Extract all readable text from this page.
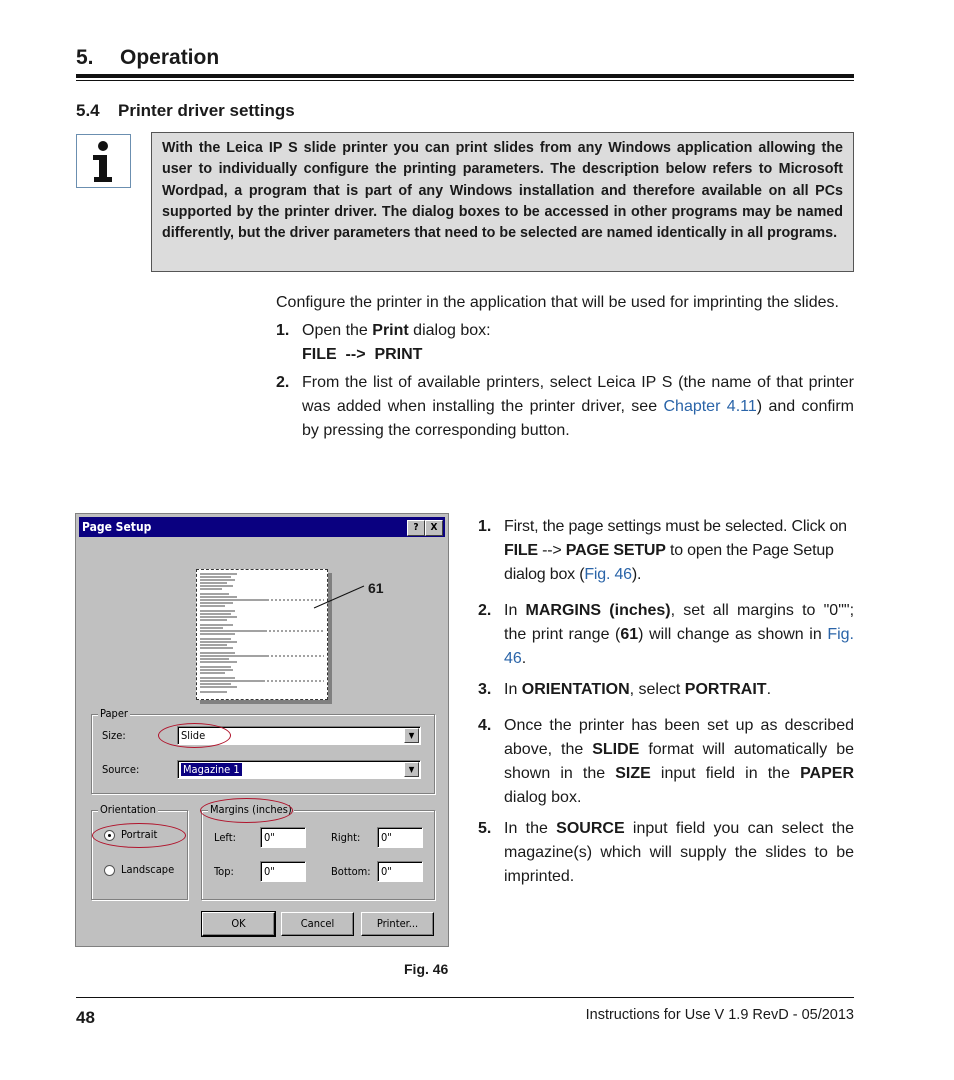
5. Operation
5.4 Printer driver settings
With the Leica IP S slide printer you can print slides from any Windows application allowing the user to individually configure the printing parameters. The description below refers to Microsoft Wordpad, a program that is part of any Windows installation and therefore available on all PCs supported by the printer driver. The dialog boxes to be accessed in other programs may be named differently, but the driver parameters that need to be selected are named identically in all programs.
Configure the printer in the application that will be used for imprinting the slides.
1. Open the Print dialog box:
FILE  -->  PRINT
2. From the list of available printers, select Leica IP S (the name of that printer was added when installing the printer driver, see Chapter 4.11) and confirm by pressing the corresponding button.
Page Setup	?	X
Paper
Size:	Slide	▼
Source:	Magazine 1	▼
Orientation
Portrait
Landscape
Margins (inches)
Left:	0"	Right:	0"
Top:	0"	Bottom: 0"
OK	Cancel	Printer...
61
Fig. 46
1. First, the page settings must be selected. Click on FILE --> PAGE SETUP to open the Page Setup dialog box (Fig. 46).
2. In MARGINS (inches), set all margins to "0""; the print range (61) will change as shown in Fig. 46.
3. In ORIENTATION, select PORTRAIT.
4. Once the printer has been set up as described above, the SLIDE format will automatically be shown in the SIZE input field in the PAPER dialog box.
5. In the SOURCE input field you can select the magazine(s) which will supply the slides to be imprinted.
48	Instructions for Use V 1.9 RevD - 05/2013
